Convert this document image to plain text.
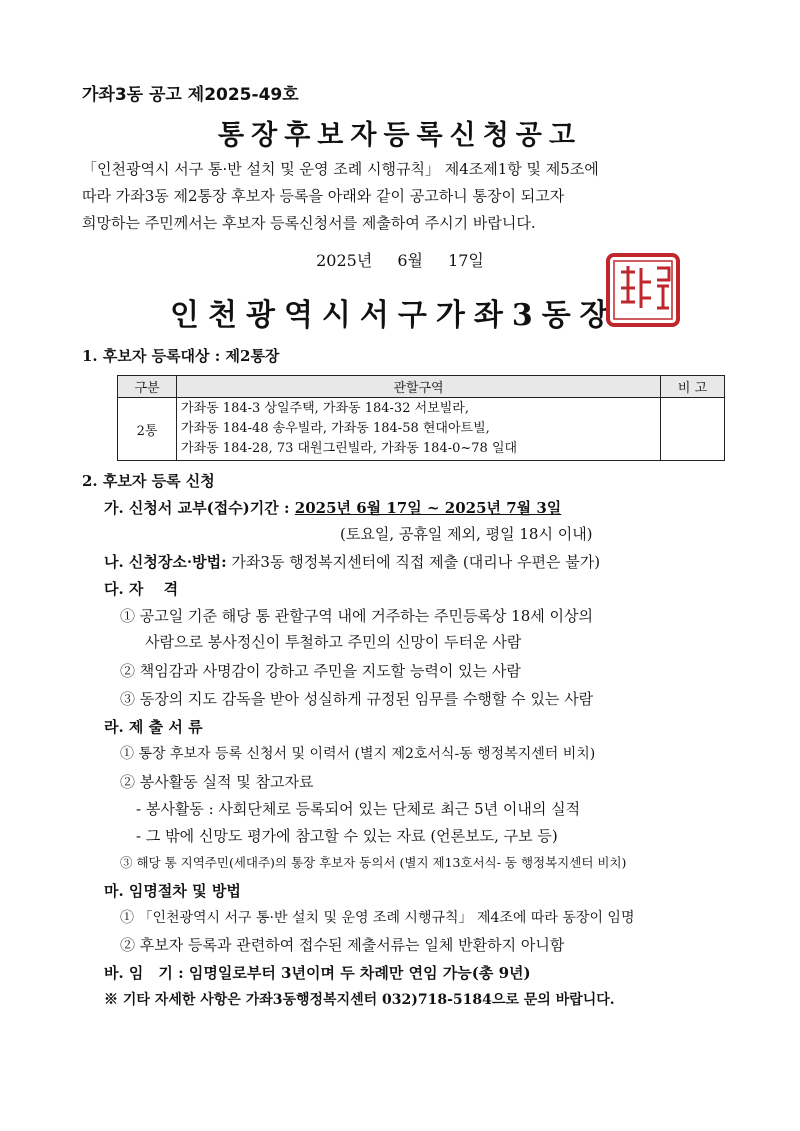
가좌3동 공고 제2025-49호
통장후보자등록신청공고
「인천광역시 서구 통·반 설치 및 운영 조례 시행규칙」 제4조제1항 및 제5조에
따라 가좌3동 제2통장 후보자 등록을 아래와 같이 공고하니 통장이 되고자
희망하는 주민께서는 후보자 등록신청서를 제출하여 주시기 바랍니다.
2025년 6월 17일
인천광역시서구가좌3동장
1. 후보자 등록대상 : 제2통장
구분	관할구역	비 고
2통	가좌동 184-3 상일주택, 가좌동 184-32 서보빌라,
가좌동 184-48 송우빌라, 가좌동 184-58 현대아트빌,
가좌동 184-28, 73 대원그린빌라, 가좌동 184-0~78 일대	

2. 후보자 등록 신청
가. 신청서 교부(접수)기간 : 2025년 6월 17일 ~ 2025년 7월 3일
(토요일, 공휴일 제외, 평일 18시 이내)
나. 신청장소·방법: 가좌3동 행정복지센터에 직접 제출 (대리나 우편은 불가)
다. 자　 격
① 공고일 기준 해당 통 관할구역 내에 거주하는 주민등록상 18세 이상의
사람으로 봉사정신이 투철하고 주민의 신망이 두터운 사람
② 책임감과 사명감이 강하고 주민을 지도할 능력이 있는 사람
③ 동장의 지도 감독을 받아 성실하게 규정된 임무를 수행할 수 있는 사람
라. 제 출 서 류
① 통장 후보자 등록 신청서 및 이력서 (별지 제2호서식-동 행정복지센터 비치)
② 봉사활동 실적 및 참고자료
- 봉사활동 : 사회단체로 등록되어 있는 단체로 최근 5년 이내의 실적
- 그 밖에 신망도 평가에 참고할 수 있는 자료 (언론보도, 구보 등)
③ 해당 통 지역주민(세대주)의 통장 후보자 동의서 (별지 제13호서식- 동 행정복지센터 비치)
마. 임명절차 및 방법
① 「인천광역시 서구 통·반 설치 및 운영 조례 시행규칙」 제4조에 따라 동장이 임명
② 후보자 등록과 관련하여 접수된 제출서류는 일체 반환하지 아니함
바. 임　기 : 임명일로부터 3년이며 두 차례만 연임 가능(총 9년)
※ 기타 자세한 사항은 가좌3동행정복지센터 032)718-5184으로 문의 바랍니다.
